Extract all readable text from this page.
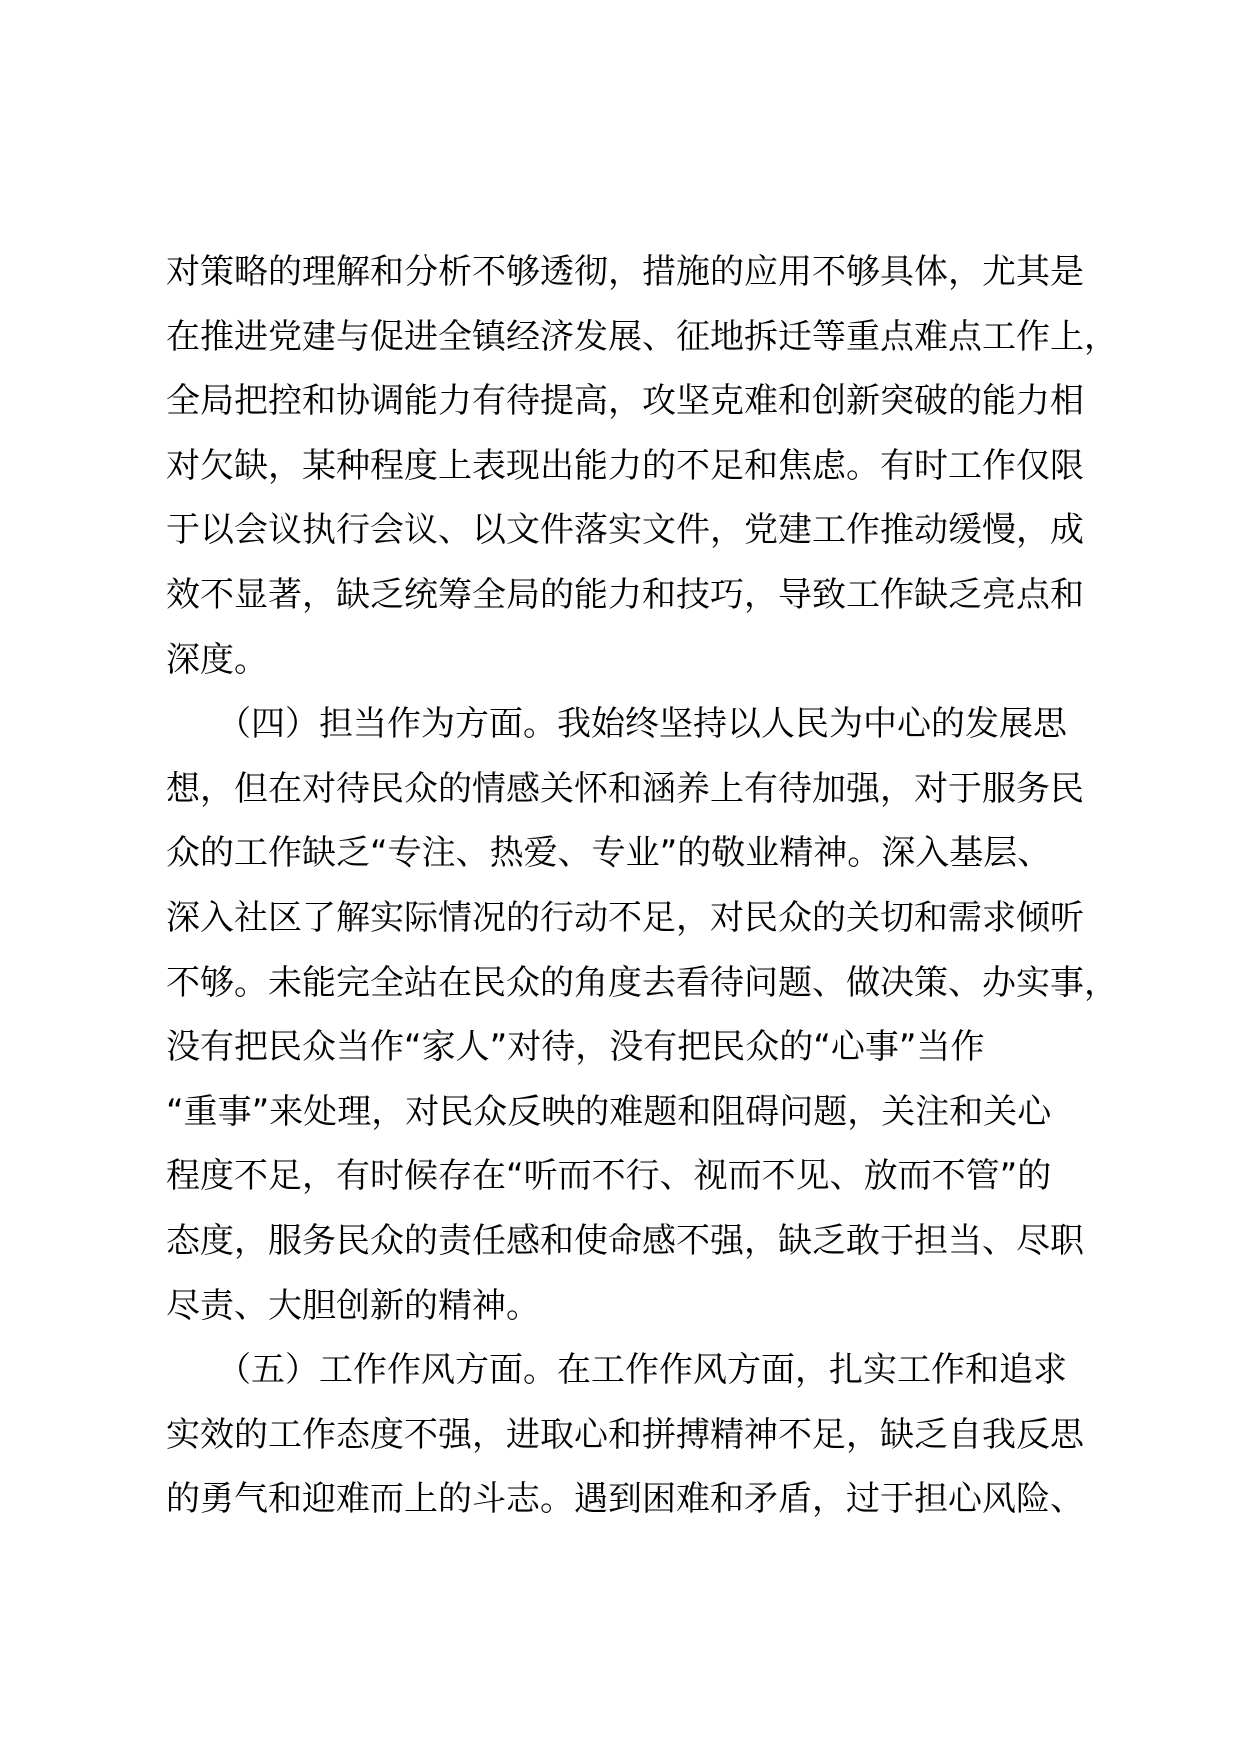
对策略的理解和分析不够透彻，措施的应用不够具体，尤其是
在推进党建与促进全镇经济发展、征地拆迁等重点难点工作上，
全局把控和协调能力有待提高，攻坚克难和创新突破的能力相
对欠缺，某种程度上表现出能力的不足和焦虑。有时工作仅限
于以会议执行会议、以文件落实文件，党建工作推动缓慢，成
效不显著，缺乏统筹全局的能力和技巧，导致工作缺乏亮点和
深度。
　　（四）担当作为方面。我始终坚持以人民为中心的发展思
想，但在对待民众的情感关怀和涵养上有待加强，对于服务民
众的工作缺乏“专注、热爱、专业”的敬业精神。深入基层、
深入社区了解实际情况的行动不足，对民众的关切和需求倾听
不够。未能完全站在民众的角度去看待问题、做决策、办实事，
没有把民众当作“家人”对待，没有把民众的“心事”当作
“重事”来处理，对民众反映的难题和阻碍问题，关注和关心
程度不足，有时候存在“听而不行、视而不见、放而不管”的
态度，服务民众的责任感和使命感不强，缺乏敢于担当、尽职
尽责、大胆创新的精神。
　　（五）工作作风方面。在工作作风方面，扎实工作和追求
实效的工作态度不强，进取心和拼搏精神不足，缺乏自我反思
的勇气和迎难而上的斗志。遇到困难和矛盾，过于担心风险、
